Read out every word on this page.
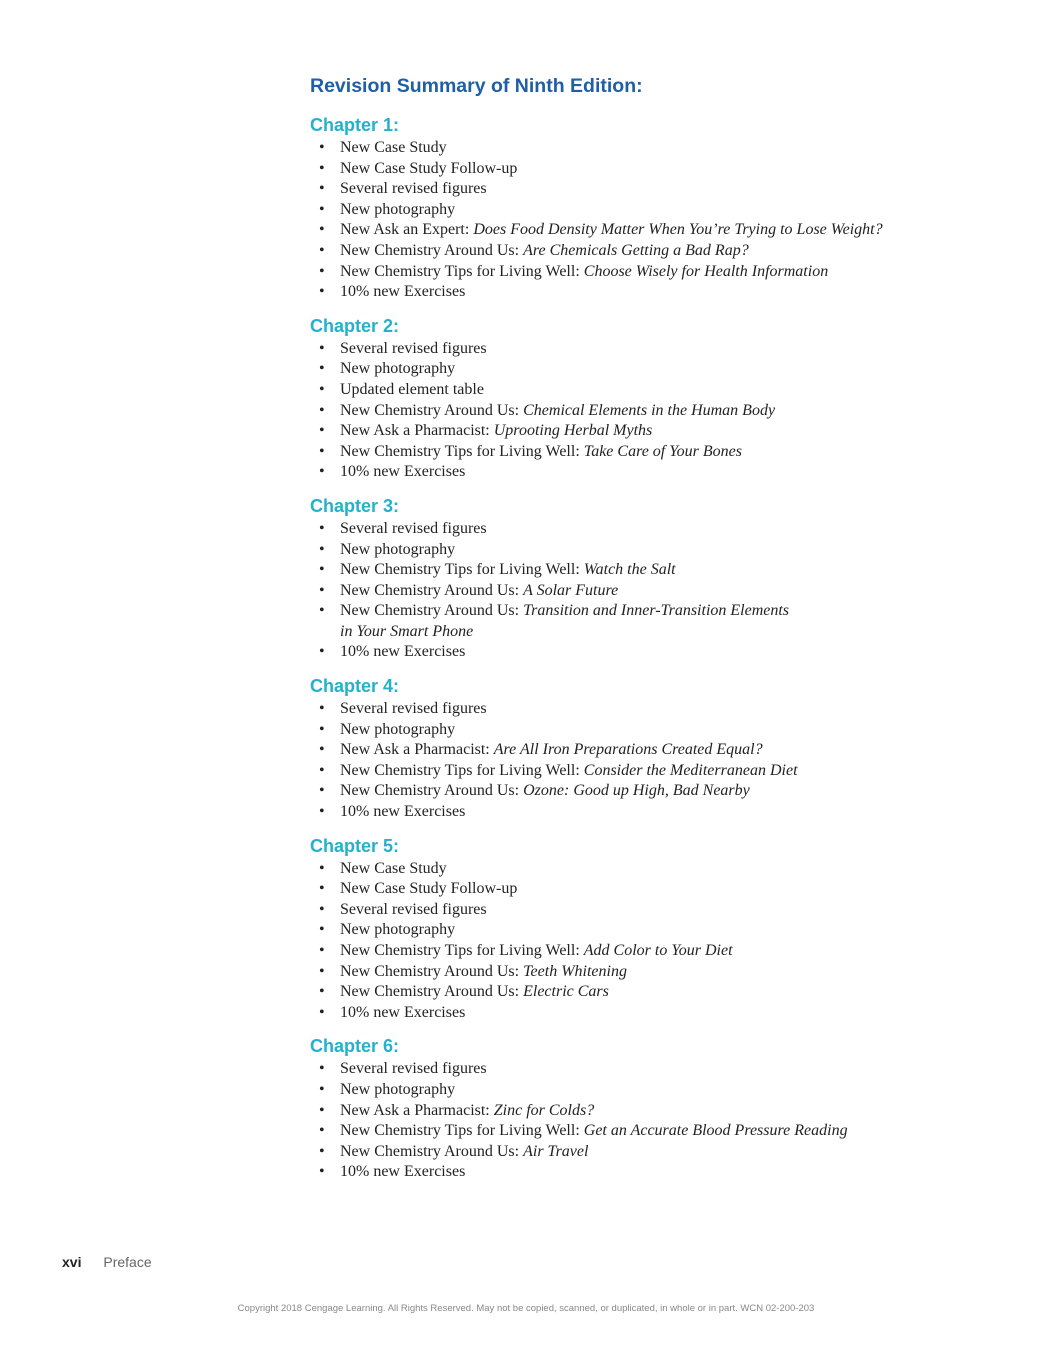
Revision Summary of Ninth Edition:
Chapter 1:
• New Case Study
• New Case Study Follow-up
• Several revised figures
• New photography
• New Ask an Expert: Does Food Density Matter When You’re Trying to Lose Weight?
• New Chemistry Around Us: Are Chemicals Getting a Bad Rap?
• New Chemistry Tips for Living Well: Choose Wisely for Health Information
• 10% new Exercises
Chapter 2:
• Several revised figures
• New photography
• Updated element table
• New Chemistry Around Us: Chemical Elements in the Human Body
• New Ask a Pharmacist: Uprooting Herbal Myths
• New Chemistry Tips for Living Well: Take Care of Your Bones
• 10% new Exercises
Chapter 3:
• Several revised figures
• New photography
• New Chemistry Tips for Living Well: Watch the Salt
• New Chemistry Around Us: A Solar Future
• New Chemistry Around Us: Transition and Inner-Transition Elements
in Your Smart Phone
• 10% new Exercises
Chapter 4:
• Several revised figures
• New photography
• New Ask a Pharmacist: Are All Iron Preparations Created Equal?
• New Chemistry Tips for Living Well: Consider the Mediterranean Diet
• New Chemistry Around Us: Ozone: Good up High, Bad Nearby
• 10% new Exercises
Chapter 5:
• New Case Study
• New Case Study Follow-up
• Several revised figures
• New photography
• New Chemistry Tips for Living Well: Add Color to Your Diet
• New Chemistry Around Us: Teeth Whitening
• New Chemistry Around Us: Electric Cars
• 10% new Exercises
Chapter 6:
• Several revised figures
• New photography
• New Ask a Pharmacist: Zinc for Colds?
• New Chemistry Tips for Living Well: Get an Accurate Blood Pressure Reading
• New Chemistry Around Us: Air Travel
• 10% new Exercises
xvi Preface
Copyright 2018 Cengage Learning. All Rights Reserved. May not be copied, scanned, or duplicated, in whole or in part. WCN 02-200-203
